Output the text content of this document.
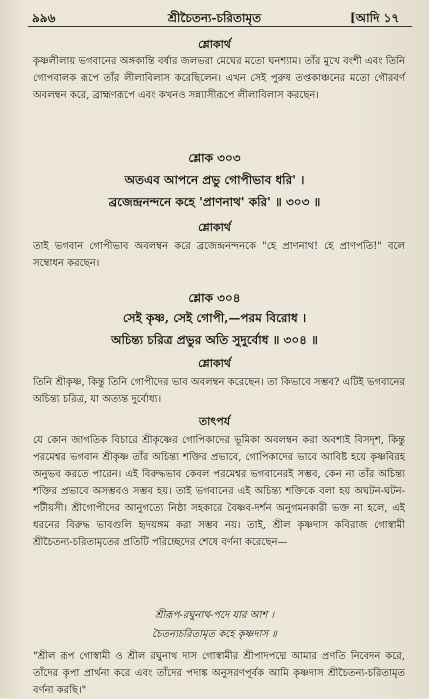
৯৯৬	শ্রীচৈতন্য-চরিতামৃত	[আদি ১৭
শ্লোকার্থ
কৃষ্ণলীলায় ভগবানের অঙ্গকান্তি বর্ষার জলভরা মেঘের মতো ঘনশ্যাম। তাঁর মুখে বংশী এবং তিনি গোপবালক রূপে তাঁর লীলাবিলাস করেছিলেন। এখন সেই পুরুষ তপ্তকাঞ্চনের মতো গৌরবর্ণ অবলম্বন করে, ব্রাহ্মণরূপে এবং কখনও সন্ন্যাসীরূপে লীলাবিলাস করছেন।
শ্লোক ৩০৩
অতএব আপনে প্রভু গোপীভাব ধরি' ।
ব্রজেন্দ্রনন্দনে কহে 'প্রাণনাথ' করি' ॥ ৩০৩ ॥
শ্লোকার্থ
তাই ভগবান গোপীভাব অবলম্বন করে ব্রজেন্দ্রনন্দনকে "হে প্রাণনাথ! হে প্রাণপতি!" বলে সম্বোধন করছেন।
শ্লোক ৩০৪
সেই কৃষ্ণ, সেই গোপী,—পরম বিরোধ ।
অচিন্ত্য চরিত্র প্রভুর অতি সুদুর্বোধ ॥ ৩০৪ ॥
শ্লোকার্থ
তিনি শ্রীকৃষ্ণ, কিন্তু তিনি গোপীদের ভাব অবলম্বন করেছেন। তা কিভাবে সম্ভব? এটিই ভগবানের অচিন্ত্য চরিত্র, যা অত্যন্ত দুর্বোধ্য।
তাৎপর্য
যে কোন জাগতিক বিচারে শ্রীকৃষ্ণের গোপিকাদের ভূমিকা অবলম্বন করা অবশ্যই বিসদৃশ, কিন্তু পরমেশ্বর ভগবান শ্রীকৃষ্ণ তাঁর অচিন্ত্য শক্তির প্রভাবে, গোপিকাদের ভাবে আবিষ্ট হয়ে কৃষ্ণবিরহ অনুভব করতে পারেন। এই বিরুদ্ধভাব কেবল পরমেশ্বর ভগবানেরই সম্ভব, কেন না তাঁর অচিন্ত্য শক্তির প্রভাবে অসম্ভবও সম্ভব হয়। তাই ভগবানের এই অচিন্ত্য শক্তিকে বলা হয় অঘটন-ঘটন-পটীয়সী। শ্রীগোপীদের আনুগত্যে নিষ্ঠা সহকারে বৈষ্ণব-দর্শন অনুগমনকারী ভক্ত না হলে, এই ধরনের বিরুদ্ধ ভাবগুলি হৃদয়ঙ্গম করা সম্ভব নয়। তাই, শ্রীল কৃষ্ণদাস কবিরাজ গোস্বামী শ্রীচৈতন্য-চরিতামৃতের প্রতিটি পরিচ্ছেদের শেষে বর্ণনা করেছেন—
শ্রীরূপ-রঘুনাথ-পদে যার আশ ।
চৈতন্যচরিতামৃত কহে কৃষ্ণদাস ॥
"শ্রীল রূপ গোস্বামী ও শ্রীল রঘুনাথ দাস গোস্বামীর শ্রীপাদপদ্মে আমার প্রণতি নিবেদন করে, তাঁদের কৃপা প্রার্থনা করে এবং তাঁদের পদাঙ্ক অনুসরণপূর্বক আমি কৃষ্ণদাস শ্রীচৈতন্য-চরিতামৃত বর্ণনা করছি।"
